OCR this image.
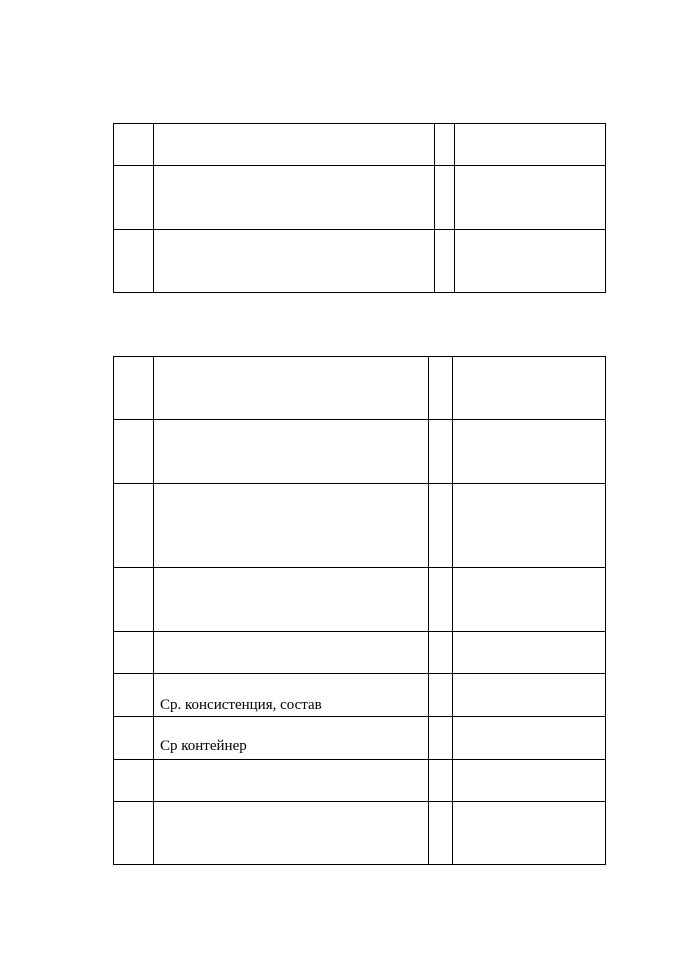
	Ср. консистенция, состав		

	Ср контейнер		
